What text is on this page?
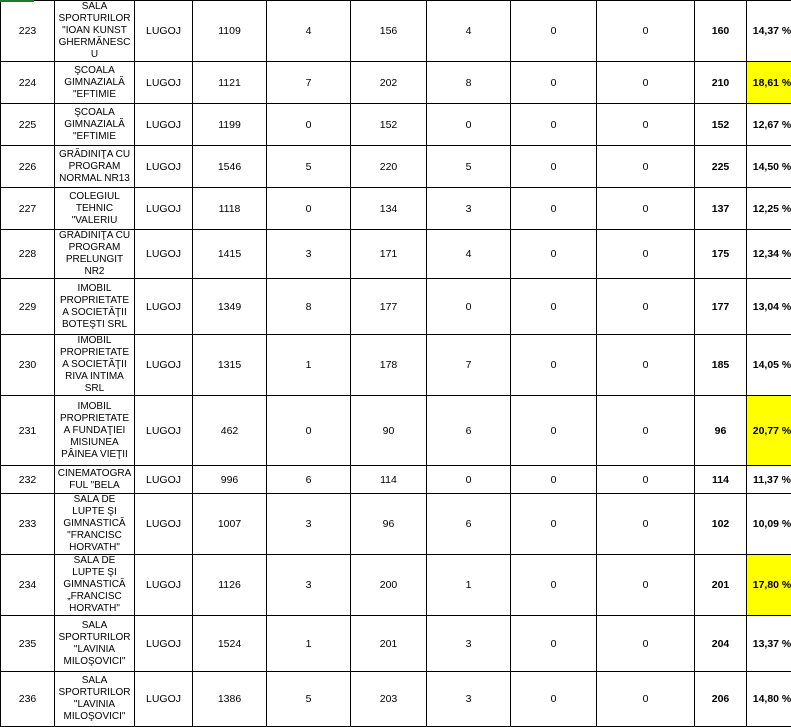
223	SALA SPORTURILOR "IOAN KUNST GHERMĂNESCU	LUGOJ	1109	4	156	4	0	0	160	14,37 %
224	ŞCOALA GIMNAZIALĂ "EFTIMIE	LUGOJ	1121	7	202	8	0	0	210	18,61 %
225	ŞCOALA GIMNAZIALĂ "EFTIMIE	LUGOJ	1199	0	152	0	0	0	152	12,67 %
226	GRĂDINIŢA CU PROGRAM NORMAL NR13	LUGOJ	1546	5	220	5	0	0	225	14,50 %
227	COLEGIUL TEHNIC "VALERIU	LUGOJ	1118	0	134	3	0	0	137	12,25 %
228	GRĂDINIŢA CU PROGRAM PRELUNGIT NR2	LUGOJ	1415	3	171	4	0	0	175	12,34 %
229	IMOBIL PROPRIETATE A SOCIETĂŢII BOTEŞTI SRL	LUGOJ	1349	8	177	0	0	0	177	13,04 %
230	IMOBIL PROPRIETATE A SOCIETĂŢII RIVA INTIMA SRL	LUGOJ	1315	1	178	7	0	0	185	14,05 %
231	IMOBIL PROPRIETATE A FUNDAŢIEI MISIUNEA PÂINEA VIEŢII	LUGOJ	462	0	90	6	0	0	96	20,77 %
232	CINEMATOGRAFUL "BELA	LUGOJ	996	6	114	0	0	0	114	11,37 %
233	SALA DE LUPTE ŞI GIMNASTICĂ "FRANCISC HORVATH"	LUGOJ	1007	3	96	6	0	0	102	10,09 %
234	SALA DE LUPTE ŞI GIMNASTICĂ „FRANCISC HORVATH"	LUGOJ	1126	3	200	1	0	0	201	17,80 %
235	SALA SPORTURILOR "LAVINIA MILOŞOVICI"	LUGOJ	1524	1	201	3	0	0	204	13,37 %
236	SALA SPORTURILOR "LAVINIA MILOŞOVICI"	LUGOJ	1386	5	203	3	0	0	206	14,80 %
